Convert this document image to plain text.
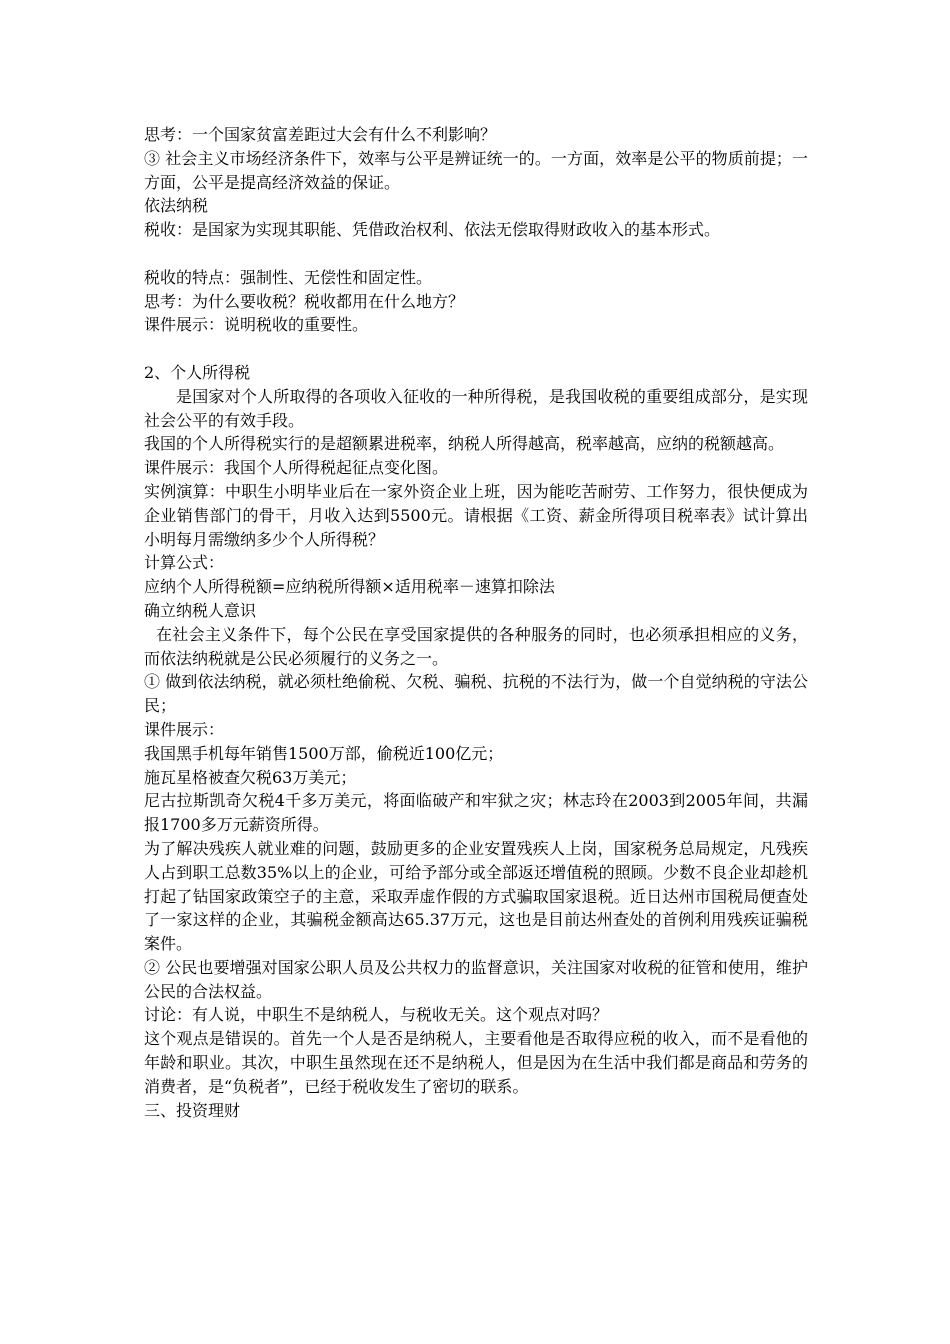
思考：一个国家贫富差距过大会有什么不利影响？

③ 社会主义市场经济条件下，效率与公平是辨证统一的。一方面，效率是公平的物质前提；一方面，公平是提高经济效益的保证。

依法纳税

税收：是国家为实现其职能、凭借政治权利、依法无偿取得财政收入的基本形式。

税收的特点：强制性、无偿性和固定性。

思考：为什么要收税？税收都用在什么地方？

课件展示：说明税收的重要性。

2、个人所得税

是国家对个人所取得的各项收入征收的一种所得税，是我国收税的重要组成部分，是实现社会公平的有效手段。

我国的个人所得税实行的是超额累进税率，纳税人所得越高，税率越高，应纳的税额越高。

课件展示：我国个人所得税起征点变化图。

实例演算：中职生小明毕业后在一家外资企业上班，因为能吃苦耐劳、工作努力，很快便成为企业销售部门的骨干，月收入达到5500元。请根据《工资、薪金所得项目税率表》试计算出小明每月需缴纳多少个人所得税？

计算公式：

应纳个人所得税额=应纳税所得额×适用税率－速算扣除法

确立纳税人意识

在社会主义条件下，每个公民在享受国家提供的各种服务的同时，也必须承担相应的义务，而依法纳税就是公民必须履行的义务之一。

① 做到依法纳税，就必须杜绝偷税、欠税、骗税、抗税的不法行为，做一个自觉纳税的守法公民；

课件展示：

我国黑手机每年销售1500万部，偷税近100亿元；

施瓦星格被查欠税63万美元；

尼古拉斯凯奇欠税4千多万美元，将面临破产和牢狱之灾；林志玲在2003到2005年间，共漏报1700多万元薪资所得。

为了解决残疾人就业难的问题，鼓励更多的企业安置残疾人上岗，国家税务总局规定，凡残疾人占到职工总数35%以上的企业，可给予部分或全部返还增值税的照顾。少数不良企业却趁机打起了钻国家政策空子的主意，采取弄虚作假的方式骗取国家退税。近日达州市国税局便查处了一家这样的企业，其骗税金额高达65.37万元，这也是目前达州查处的首例利用残疾证骗税案件。

② 公民也要增强对国家公职人员及公共权力的监督意识，关注国家对收税的征管和使用，维护公民的合法权益。

讨论：有人说，中职生不是纳税人，与税收无关。这个观点对吗？

这个观点是错误的。首先一个人是否是纳税人，主要看他是否取得应税的收入，而不是看他的年龄和职业。其次，中职生虽然现在还不是纳税人，但是因为在生活中我们都是商品和劳务的消费者，是“负税者”，已经于税收发生了密切的联系。

三、投资理财
